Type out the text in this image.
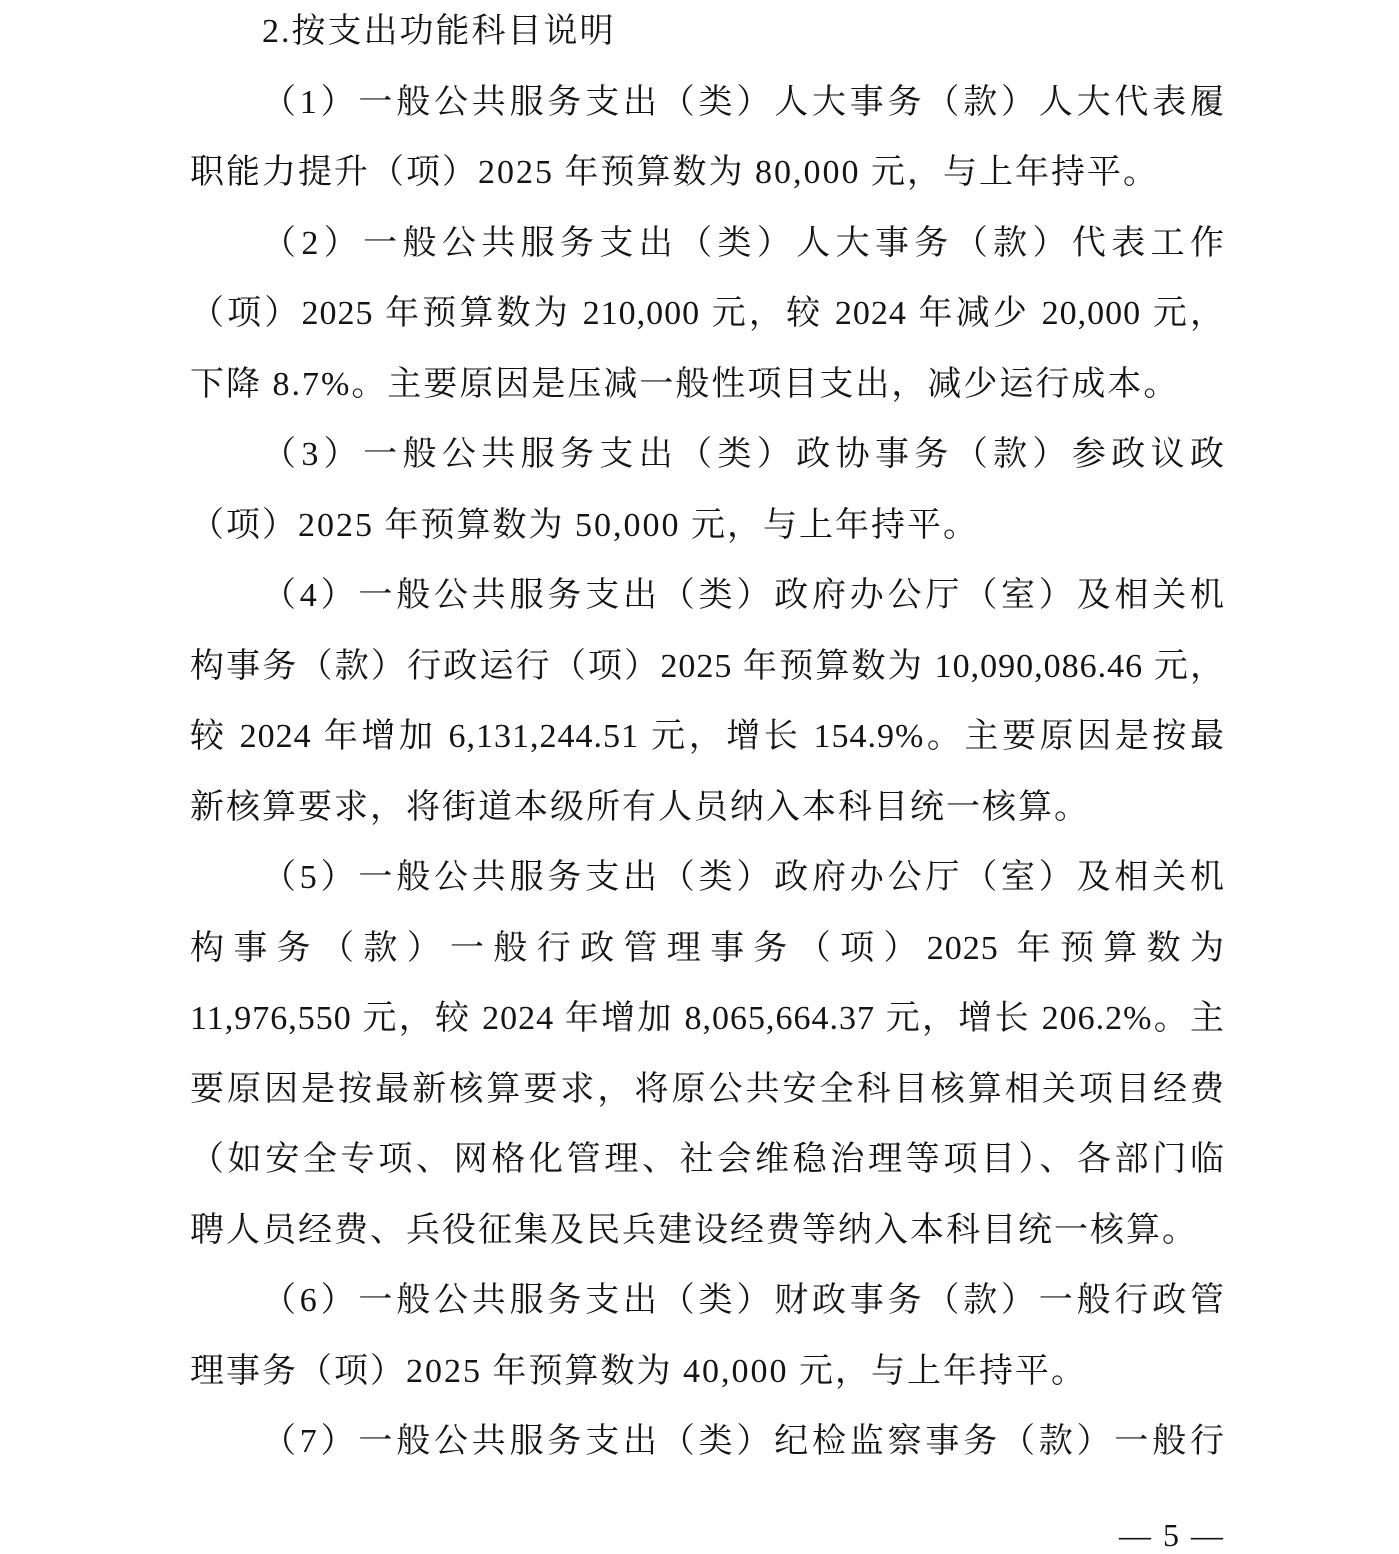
2.按支出功能科目说明
（1）一般公共服务支出（类）人大事务（款）人大代表履
职能力提升（项）2025 年预算数为 80,000 元，与上年持平。
（2）一般公共服务支出（类）人大事务（款）代表工作
（项）2025 年预算数为 210,000 元，较 2024 年减少 20,000 元，
下降 8.7%。主要原因是压减一般性项目支出，减少运行成本。
（3）一般公共服务支出（类）政协事务（款）参政议政
（项）2025 年预算数为 50,000 元，与上年持平。
（4）一般公共服务支出（类）政府办公厅（室）及相关机
构事务（款）行政运行（项）2025 年预算数为 10,090,086.46 元，
较 2024 年增加 6,131,244.51 元，增长 154.9%。主要原因是按最
新核算要求，将街道本级所有人员纳入本科目统一核算。
（5）一般公共服务支出（类）政府办公厅（室）及相关机
构事务（款）一般行政管理事务（项）2025 年预算数为
11,976,550 元，较 2024 年增加 8,065,664.37 元，增长 206.2%。主
要原因是按最新核算要求，将原公共安全科目核算相关项目经费
（如安全专项、网格化管理、社会维稳治理等项目）、各部门临
聘人员经费、兵役征集及民兵建设经费等纳入本科目统一核算。
（6）一般公共服务支出（类）财政事务（款）一般行政管
理事务（项）2025 年预算数为 40,000 元，与上年持平。
（7）一般公共服务支出（类）纪检监察事务（款）一般行
— 5 —
